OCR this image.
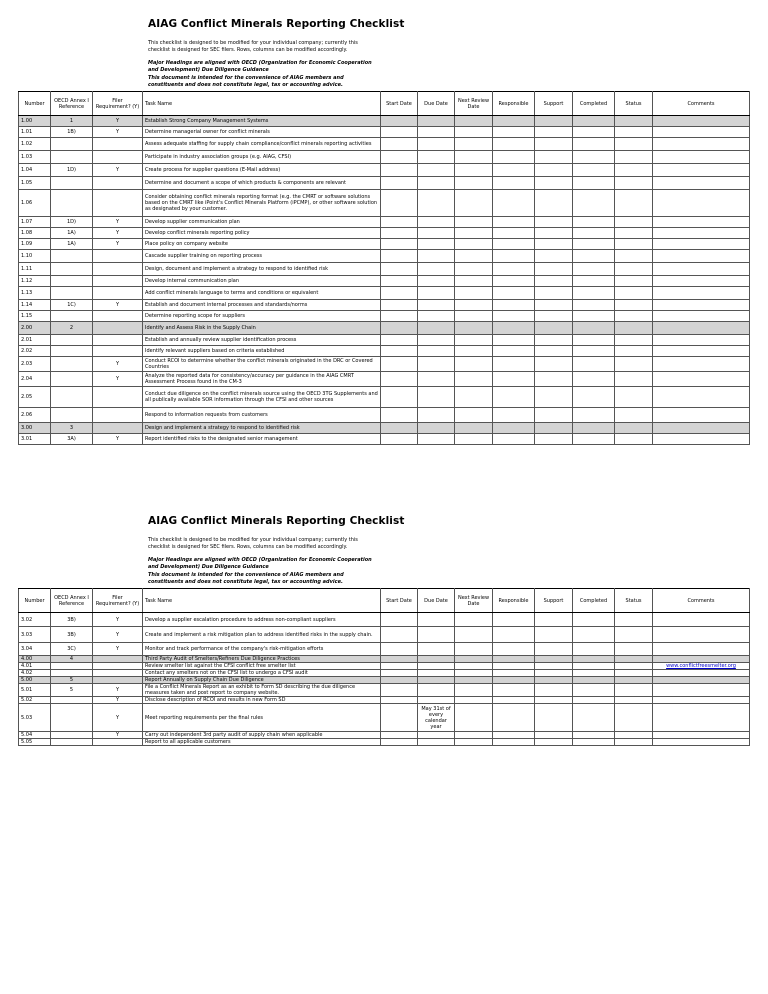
AIAG Conflict Minerals Reporting Checklist
This checklist is designed to be modified for your individual company; currently this checklist is designed for SEC filers. Rows, columns can be modified accordingly.
Major Headings are aligned with OECD (Organization for Economic Cooperation and Development) Due Diligence Guidance
This document is intended for the convenience of AIAG members and constituents and does not constitute legal, tax or accounting advice.
Number	OECD Annex I Reference	Filer Requirement? (Y)	Task Name	Start Date	Due Date	Next Review Date	Responsible	Support	Completed	Status	Comments
1.00	1	Y	Establish Strong Company Management Systems								
1.01	1B)	Y	Determine managerial owner for conflict minerals								
1.02			Assess adequate staffing for supply chain compliance/conflict minerals reporting activities								
1.03			Participate in industry association groups (e.g. AIAG, CFSI)								
1.04	1D)	Y	Create process for supplier questions (E-Mail address)								
1.05			Determine and document a scope of which products & components are relevant								
1.06			Consider obtaining conflict minerals reporting format (e.g. the CMRT or software solutions based on the CMRT like iPoint's Conflict Minerals Platform (iPCMP), or other software solution as designated by your customer.								
1.07	1D)	Y	Develop supplier communication plan								
1.08	1A)	Y	Develop conflict minerals reporting policy								
1.09	1A)	Y	Place policy on company website								
1.10			Cascade supplier training on reporting process								
1.11			Design, document and implement a strategy to respond to identified risk								
1.12			Develop internal communication plan								
1.13			Add conflict minerals language to terms and conditions or equivalent								
1.14	1C)	Y	Establish and document internal processes and standards/norms								
1.15			Determine reporting scope for suppliers								
2.00	2		Identify and Assess Risk in the Supply Chain								
2.01			Establish and annually review supplier identification process								
2.02			Identify relevant suppliers based on criteria established								
2.03		Y	Conduct RCOI to determine whether the conflict minerals originated in the DRC or Covered Countries								
2.04		Y	Analyze the reported data for consistency/accuracy per guidance in the AIAG CMRT Assessment Process found in the CM-3								
2.05			Conduct due diligence on the conflict minerals source using the OECD 3TG Supplements and all publically available SOR information through the CFSI and other sources								
2.06			Respond to information requests from customers								
3.00	3		Design and implement a strategy to respond to identified risk								
3.01	3A)	Y	Report identified risks to the designated senior management								
AIAG Conflict Minerals Reporting Checklist
This checklist is designed to be modified for your individual company; currently this checklist is designed for SEC filers. Rows, columns can be modified accordingly.
Major Headings are aligned with OECD (Organization for Economic Cooperation and Development) Due Diligence Guidance
This document is intended for the convenience of AIAG members and constituents and does not constitute legal, tax or accounting advice.
Number	OECD Annex I Reference	Filer Requirement? (Y)	Task Name	Start Date	Due Date	Next Review Date	Responsible	Support	Completed	Status	Comments
3.02	3B)	Y	Develop a supplier escalation procedure to address non-compliant suppliers								
3.03	3B)	Y	Create and implement a risk mitigation plan to address identified risks in the supply chain.								
3.04	3C)	Y	Monitor and track performance of the company's risk-mitigation efforts								
4.00	4		Third Party Audit of Smelters/Refiners Due Diligence Practices								
4.01			Review smelter list against the CFSI conflict free smelter list								www.conflictfreesmelter.org
4.02			Contact any smelters not on the CFSI list to undergo a CFSI audit								
5.00	5		Report Annually on Supply Chain Due Diligence								
5.01	5	Y	File a Conflict Minerals Report as an exhibit to Form SD describing the due diligence measures taken and post report to company website.								
5.02		Y	Disclose description of RCOI and results in new Form SD								
5.03		Y	Meet reporting requirements per the final rules		May 31st of every calendar year						
5.04		Y	Carry out independent 3rd party audit of supply chain when applicable								
5.05			Report to all applicable customers								
